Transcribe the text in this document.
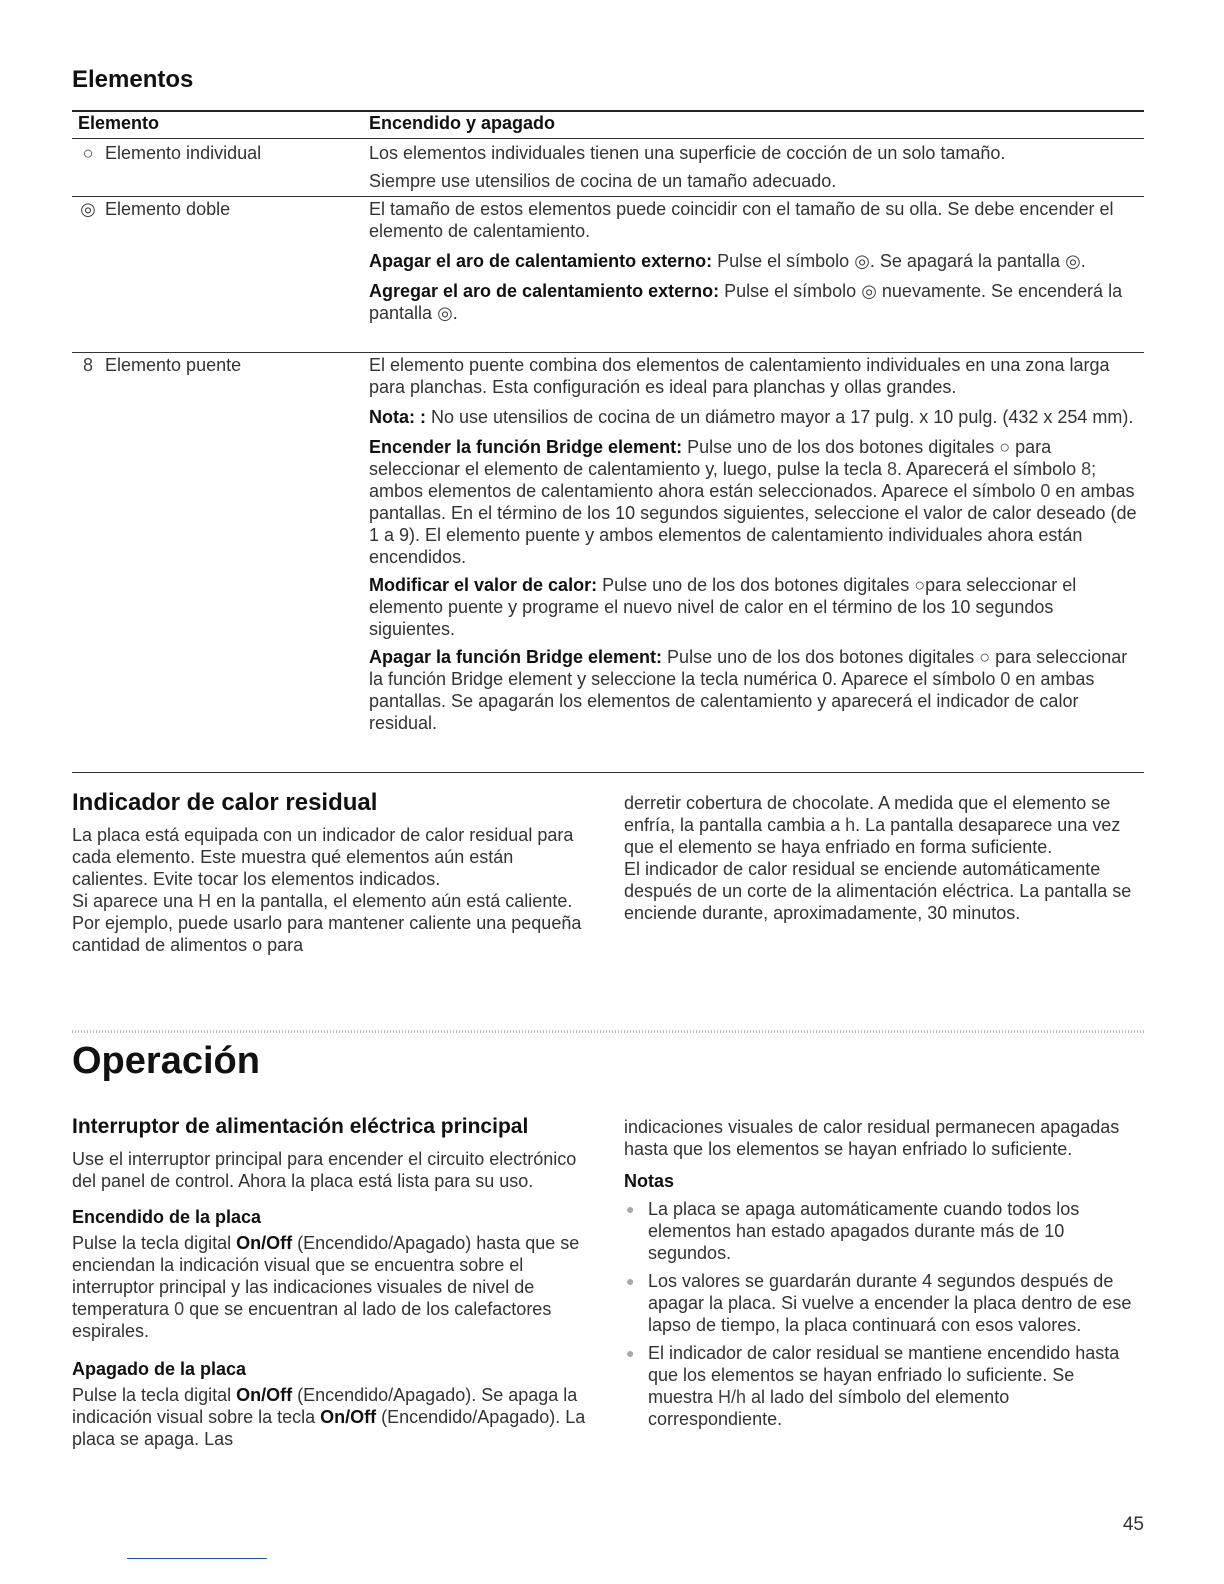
Elementos
Elemento	Encendido y apagado
○ Elemento individual	Los elementos individuales tienen una superficie de cocción de un solo tamaño.

Siempre use utensilios de cocina de un tamaño adecuado.

◎ Elemento doble	El tamaño de estos elementos puede coincidir con el tamaño de su olla. Se debe encender el elemento de calentamiento.

Apagar el aro de calentamiento externo: Pulse el símbolo ◎. Se apagará la pantalla ◎.

Agregar el aro de calentamiento externo: Pulse el símbolo ◎ nuevamente. Se encenderá la pantalla ◎.

8 Elemento puente	El elemento puente combina dos elementos de calentamiento individuales en una zona larga para planchas. Esta configuración es ideal para planchas y ollas grandes.

Nota: : No use utensilios de cocina de un diámetro mayor a 17 pulg. x 10 pulg. (432 x 254 mm).

Encender la función Bridge element: Pulse uno de los dos botones digitales ○ para seleccionar el elemento de calentamiento y, luego, pulse la tecla 8. Aparecerá el símbolo 8; ambos elementos de calentamiento ahora están seleccionados. Aparece el símbolo 0 en ambas pantallas. En el término de los 10 segundos siguientes, seleccione el valor de calor deseado (de 1 a 9). El elemento puente y ambos elementos de calentamiento individuales ahora están encendidos.

Modificar el valor de calor: Pulse uno de los dos botones digitales ○para seleccionar el elemento puente y programe el nuevo nivel de calor en el término de los 10 segundos siguientes.

Apagar la función Bridge element: Pulse uno de los dos botones digitales ○ para seleccionar la función Bridge element y seleccione la tecla numérica 0. Aparece el símbolo 0 en ambas pantallas. Se apagarán los elementos de calentamiento y aparecerá el indicador de calor residual.

Indicador de calor residual

La placa está equipada con un indicador de calor residual para cada elemento. Este muestra qué elementos aún están calientes. Evite tocar los elementos indicados.

Si aparece una H en la pantalla, el elemento aún está caliente. Por ejemplo, puede usarlo para mantener caliente una pequeña cantidad de alimentos o para

derretir cobertura de chocolate. A medida que el elemento se enfría, la pantalla cambia a h. La pantalla desaparece una vez que el elemento se haya enfriado en forma suficiente.

El indicador de calor residual se enciende automáticamente después de un corte de la alimentación eléctrica. La pantalla se enciende durante, aproximadamente, 30 minutos.

Operación
Interruptor de alimentación eléctrica principal

Use el interruptor principal para encender el circuito electrónico del panel de control. Ahora la placa está lista para su uso.

Encendido de la placa

Pulse la tecla digital On/Off (Encendido/Apagado) hasta que se enciendan la indicación visual que se encuentra sobre el interruptor principal y las indicaciones visuales de nivel de temperatura 0 que se encuentran al lado de los calefactores espirales.

Apagado de la placa

Pulse la tecla digital On/Off (Encendido/Apagado). Se apaga la indicación visual sobre la tecla On/Off (Encendido/Apagado). La placa se apaga. Las

indicaciones visuales de calor residual permanecen apagadas hasta que los elementos se hayan enfriado lo suficiente.

Notas
● La placa se apaga automáticamente cuando todos los elementos han estado apagados durante más de 10 segundos.
● Los valores se guardarán durante 4 segundos después de apagar la placa. Si vuelve a encender la placa dentro de ese lapso de tiempo, la placa continuará con esos valores.
● El indicador de calor residual se mantiene encendido hasta que los elementos se hayan enfriado lo suficiente. Se muestra H/h al lado del símbolo del elemento correspondiente.
45
